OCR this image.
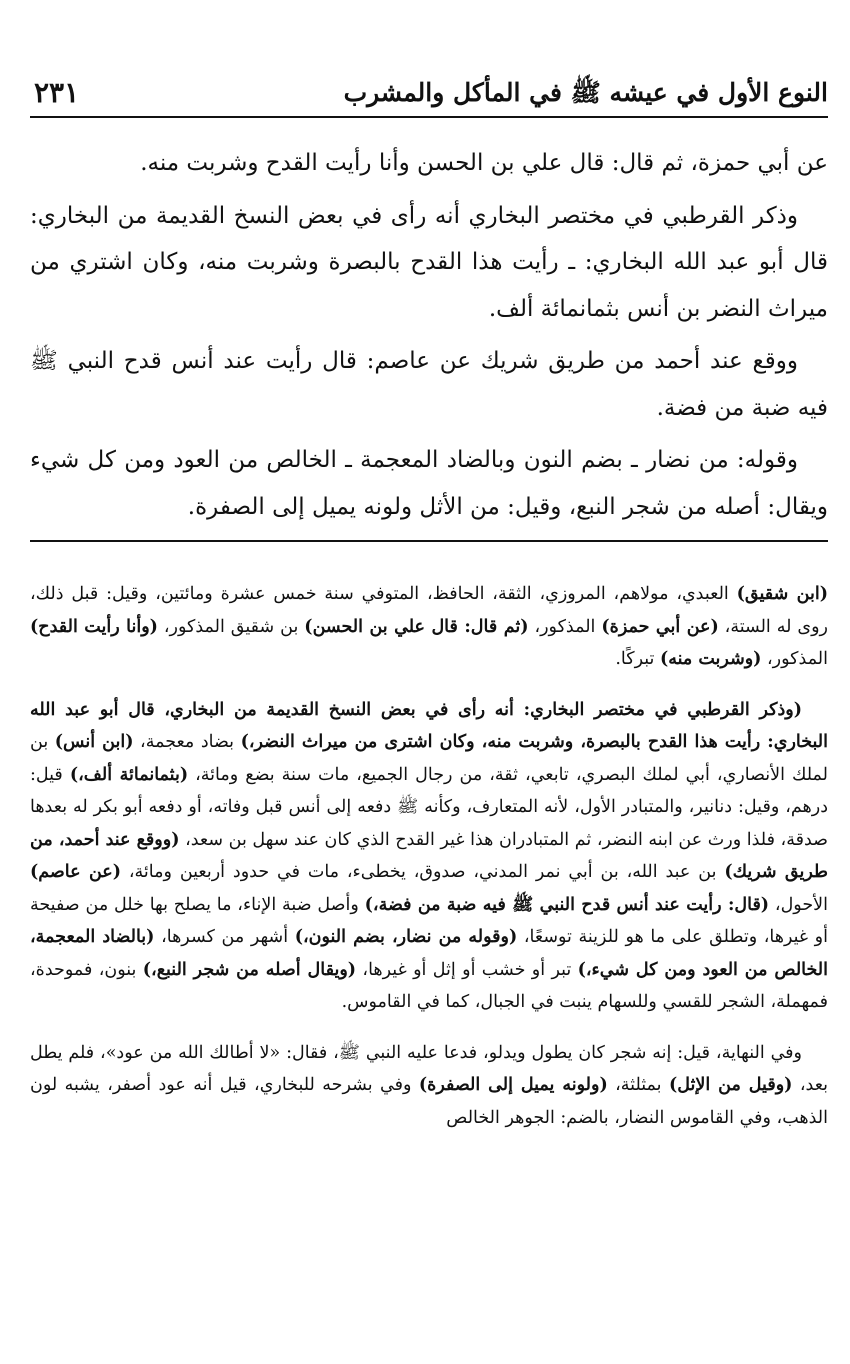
النوع الأول في عيشه ﷺ في المأكل والمشرب
٢٣١

عن أبي حمزة، ثم قال: قال علي بن الحسن وأنا رأيت القدح وشربت منه.

وذكر القرطبي في مختصر البخاري أنه رأى في بعض النسخ القديمة من البخاري: قال أبو عبد الله البخاري: ـ رأيت هذا القدح بالبصرة وشربت منه، وكان اشتري من ميراث النضر بن أنس بثمانمائة ألف.

ووقع عند أحمد من طريق شريك عن عاصم: قال رأيت عند أنس قدح النبي ﷺ فيه ضبة من فضة.

وقوله: من نضار ـ بضم النون وبالضاد المعجمة ـ الخالص من العود ومن كل شيء ويقال: أصله من شجر النبع، وقيل: من الأثل ولونه يميل إلى الصفرة.

(ابن شقيق) العبدي، مولاهم، المروزي، الثقة، الحافظ، المتوفي سنة خمس عشرة ومائتين، وقيل: قبل ذلك، روى له الستة، (عن أبي حمزة) المذكور، (ثم قال: قال علي بن الحسن) بن شقيق المذكور، (وأنا رأيت القدح) المذكور، (وشربت منه) تبركًا.

(وذكر القرطبي في مختصر البخاري: أنه رأى في بعض النسخ القديمة من البخاري، قال أبو عبد الله البخاري: رأيت هذا القدح بالبصرة، وشربت منه، وكان اشترى من ميراث النضر،) بضاد معجمة، (ابن أنس) بن لملك الأنصاري، أبي لملك البصري، تابعي، ثقة، من رجال الجميع، مات سنة بضع ومائة، (بثمانمائة ألف،) قيل: درهم، وقيل: دنانير، والمتبادر الأول، لأنه المتعارف، وكأنه ﷺ دفعه إلى أنس قبل وفاته، أو دفعه أبو بكر له بعدها صدقة، فلذا ورث عن ابنه النضر، ثم المتبادران هذا غير القدح الذي كان عند سهل بن سعد، (ووقع عند أحمد، من طريق شريك) بن عبد الله، بن أبي نمر المدني، صدوق، يخطىء، مات في حدود أربعين ومائة، (عن عاصم) الأحول، (قال: رأيت عند أنس قدح النبي ﷺ فيه ضبة من فضة،) وأصل ضبة الإناء، ما يصلح بها خلل من صفيحة أو غيرها، وتطلق على ما هو للزينة توسعًا، (وقوله من نضار، بضم النون،) أشهر من كسرها، (بالضاد المعجمة، الخالص من العود ومن كل شيء،) تبر أو خشب أو إثل أو غيرها، (ويقال أصله من شجر النبع،) بنون، فموحدة، فمهملة، الشجر للقسي وللسهام ينبت في الجبال، كما في القاموس.

وفي النهاية، قيل: إنه شجر كان يطول ويدلو، فدعا عليه النبي ﷺ، فقال: «لا أطالك الله من عود»، فلم يطل بعد، (وقيل من الإثل) بمثلثة، (ولونه يميل إلى الصفرة) وفي بشرحه للبخاري، قيل أنه عود أصفر، يشبه لون الذهب، وفي القاموس النضار، بالضم: الجوهر الخالص
